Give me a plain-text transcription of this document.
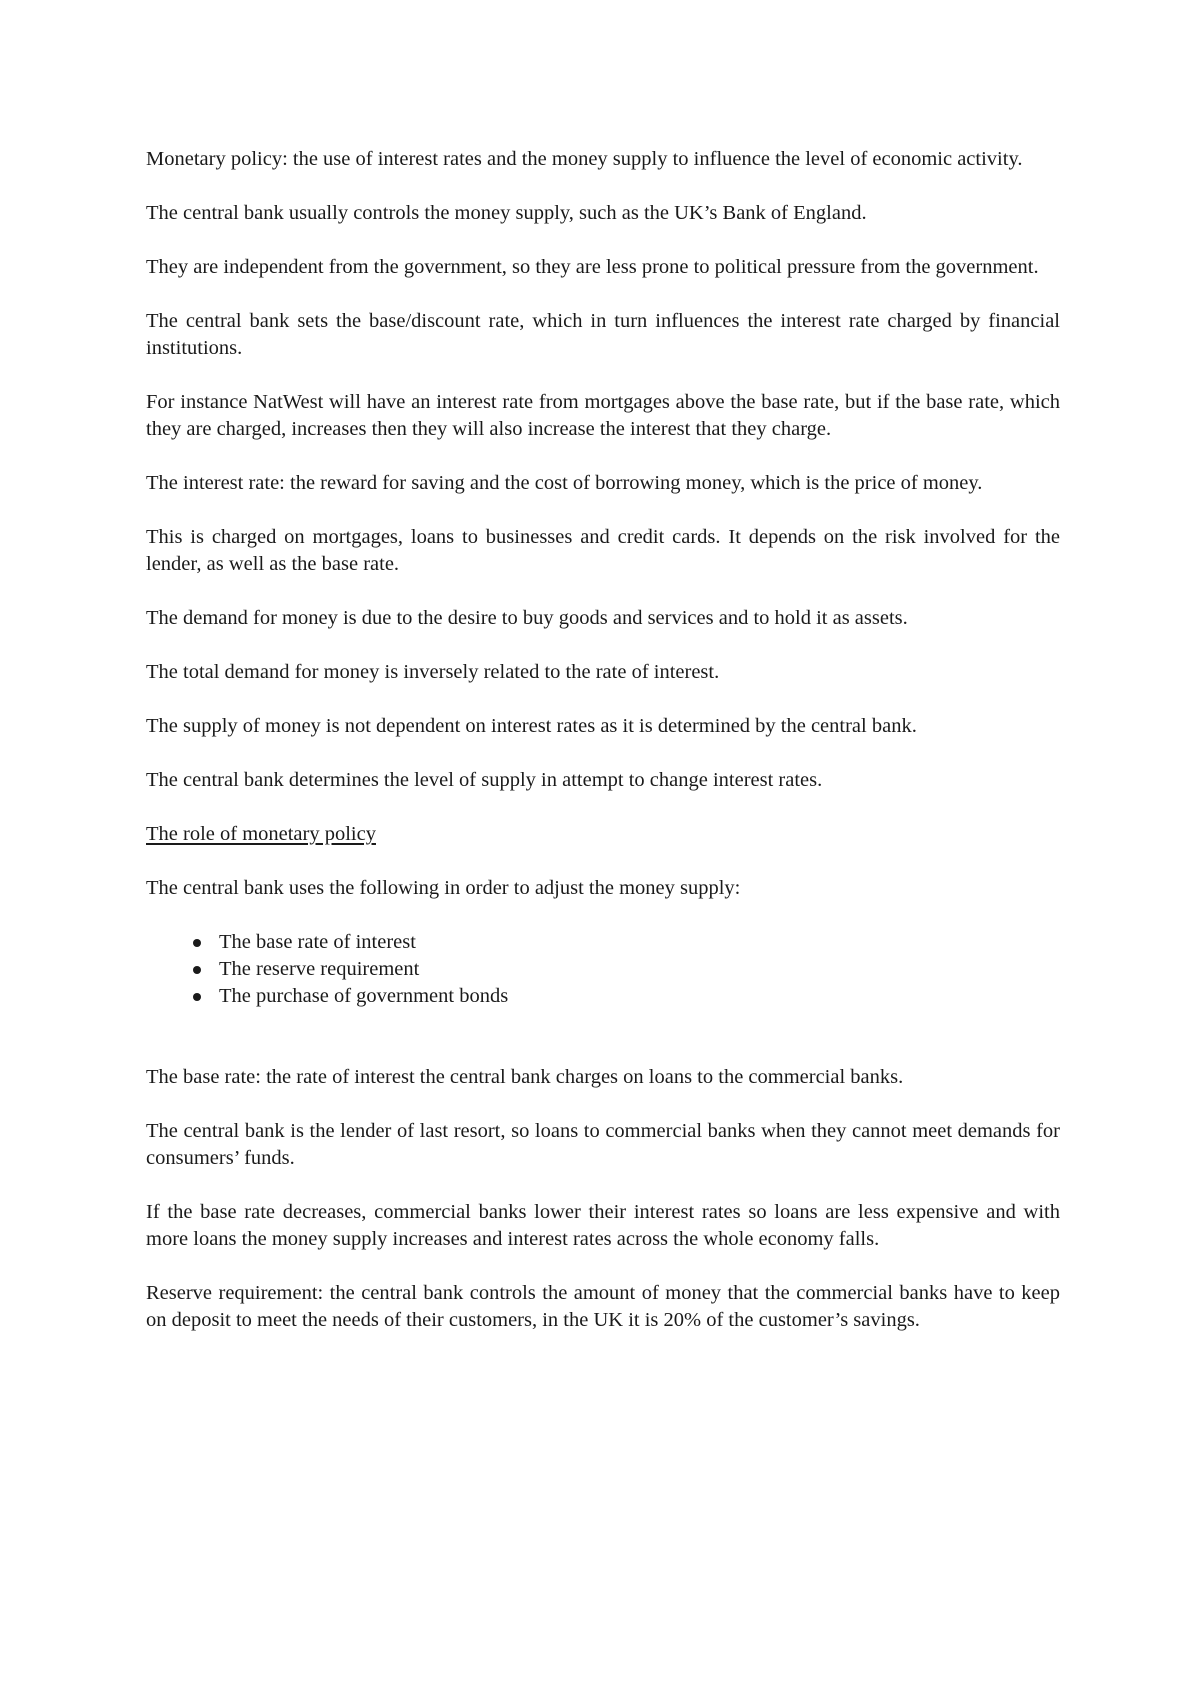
Monetary policy: the use of interest rates and the money supply to influence the level of economic activity.

The central bank usually controls the money supply, such as the UK’s Bank of England.

They are independent from the government, so they are less prone to political pressure from the government.

The central bank sets the base/discount rate, which in turn influences the interest rate charged by financial institutions.

For instance NatWest will have an interest rate from mortgages above the base rate, but if the base rate, which they are charged, increases then they will also increase the interest that they charge.

The interest rate: the reward for saving and the cost of borrowing money, which is the price of money.

This is charged on mortgages, loans to businesses and credit cards. It depends on the risk involved for the lender, as well as the base rate.

The demand for money is due to the desire to buy goods and services and to hold it as assets.

The total demand for money is inversely related to the rate of interest.

The supply of money is not dependent on interest rates as it is determined by the central bank.

The central bank determines the level of supply in attempt to change interest rates.

The role of monetary policy

The central bank uses the following in order to adjust the money supply:

The base rate of interest
The reserve requirement
The purchase of government bonds

The base rate: the rate of interest the central bank charges on loans to the commercial banks.

The central bank is the lender of last resort, so loans to commercial banks when they cannot meet demands for consumers’ funds.

If the base rate decreases, commercial banks lower their interest rates so loans are less expensive and with more loans the money supply increases and interest rates across the whole economy falls.

Reserve requirement: the central bank controls the amount of money that the commercial banks have to keep on deposit to meet the needs of their customers, in the UK it is 20% of the customer’s savings.
